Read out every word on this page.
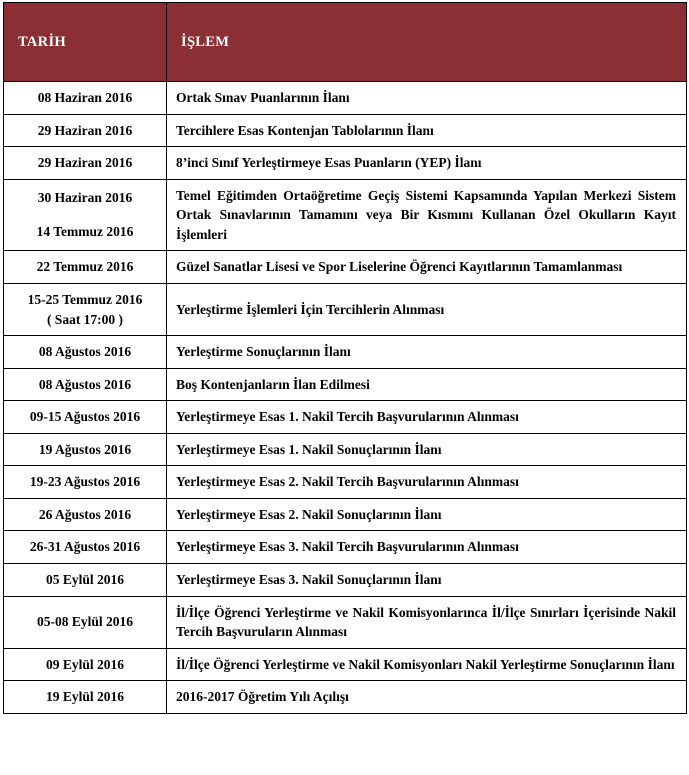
TARİH	İŞLEM

08 Haziran 2016	Ortak Sınav Puanlarının İlanı

29 Haziran 2016	Tercihlere Esas Kontenjan Tablolarının İlanı

29 Haziran 2016	8’inci Sınıf Yerleştirmeye Esas Puanların (YEP) İlanı

30 Haziran 2016
14 Temmuz 2016	Temel Eğitimden Ortaöğretime Geçiş Sistemi Kapsamında Yapılan Merkezi Sistem Ortak Sınavlarının Tamamını veya Bir Kısmını Kullanan Özel Okulların Kayıt İşlemleri

22 Temmuz 2016	Güzel Sanatlar Lisesi ve Spor Liselerine Öğrenci Kayıtlarının Tamamlanması

15-25 Temmuz 2016
( Saat 17:00 )	Yerleştirme İşlemleri İçin Tercihlerin Alınması

08 Ağustos 2016	Yerleştirme Sonuçlarının İlanı

08 Ağustos 2016	Boş Kontenjanların İlan Edilmesi

09-15 Ağustos 2016	Yerleştirmeye Esas 1. Nakil Tercih Başvurularının Alınması

19 Ağustos 2016	Yerleştirmeye Esas 1. Nakil Sonuçlarının İlanı

19-23 Ağustos 2016	Yerleştirmeye Esas 2. Nakil Tercih Başvurularının Alınması

26 Ağustos 2016	Yerleştirmeye Esas 2. Nakil Sonuçlarının İlanı

26-31 Ağustos 2016	Yerleştirmeye Esas 3. Nakil Tercih Başvurularının Alınması

05 Eylül 2016	Yerleştirmeye Esas 3. Nakil Sonuçlarının İlanı

05-08 Eylül 2016	İl/İlçe Öğrenci Yerleştirme ve Nakil Komisyonlarınca İl/İlçe Sınırları İçerisinde Nakil Tercih Başvuruların Alınması

09 Eylül 2016	İl/İlçe Öğrenci Yerleştirme ve Nakil Komisyonları Nakil Yerleştirme Sonuçlarının İlanı

19 Eylül 2016	2016-2017 Öğretim Yılı Açılışı
